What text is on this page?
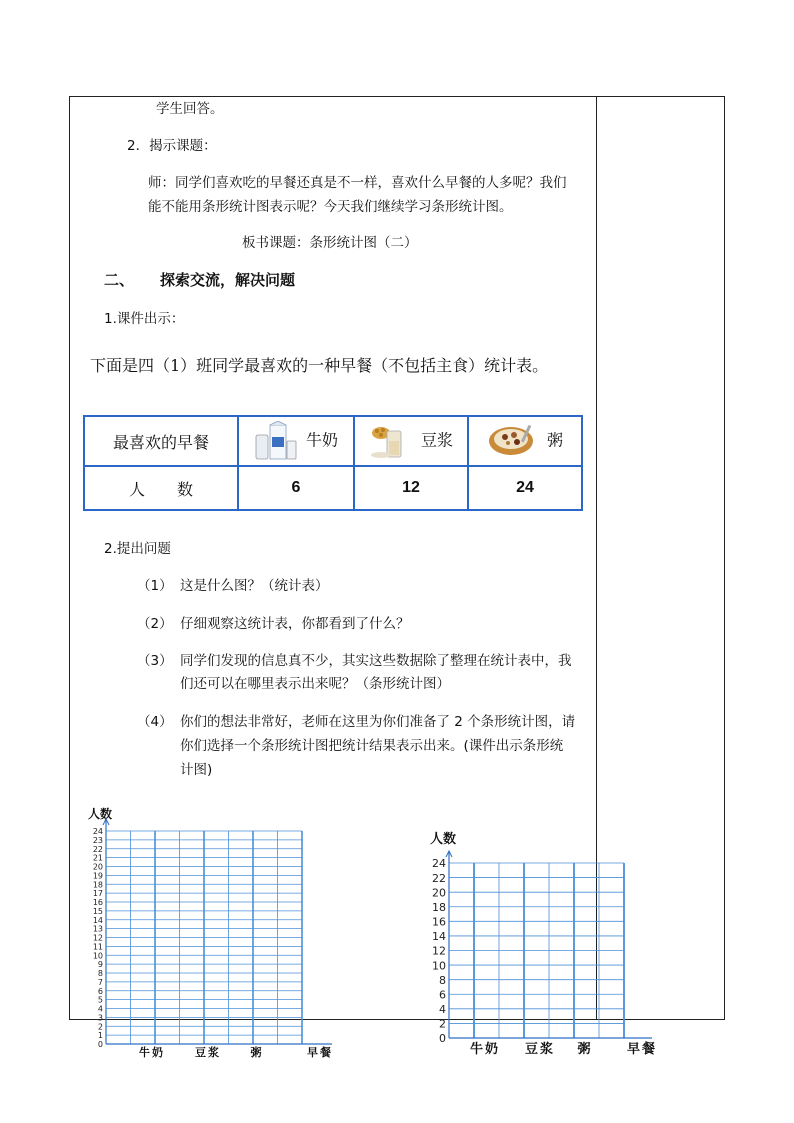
学生回答。
2．揭示课题：
师：同学们喜欢吃的早餐还真是不一样，喜欢什么早餐的人多呢？我们
能不能用条形统计图表示呢？今天我们继续学习条形统计图。
板书课题：条形统计图（二）
二、 探索交流，解决问题
1.课件出示：
下面是四（1）班同学最喜欢的一种早餐（不包括主食）统计表。
最喜欢的早餐	牛奶	豆浆	粥
人　　数	6	12	24
2.提出问题
（1） 这是什么图？（统计表）
（2） 仔细观察这统计表，你都看到了什么？
（3） 同学们发现的信息真不少，其实这些数据除了整理在统计表中，我
们还可以在哪里表示出来呢？（条形统计图）
（4） 你们的想法非常好，老师在这里为你们准备了 2 个条形统计图，请
你们选择一个条形统计图把统计结果表示出来。(课件出示条形统
计图)
人数
0
1
2
3
4
5
6
7
8
9
10
11
12
13
14
15
16
17
18
19
20
21
22
23
24
牛奶	豆浆	粥	早餐
人数
0
2
4
6
8
10
12
14
16
18
20
22
24
牛奶 豆浆 粥	早餐
